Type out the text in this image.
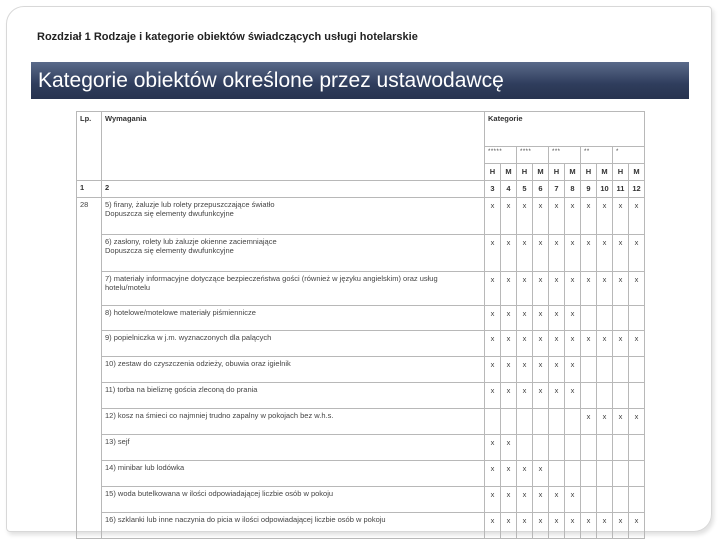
Rozdział 1 Rodzaje i kategorie obiektów świadczących usługi hotelarskie
Kategorie obiektów określone przez ustawodawcę
Lp.	Wymagania	Kategorie									
		*****		****		***		**		*	
		H	M	H	M	H	M	H	M	H	M
1	2	3	4	5	6	7	8	9	10	11	12
28	5) firany, żaluzje lub rolety przepuszczające światło
Dopuszcza się elementy dwufunkcyjne	x	x	x	x	x	x	x	x	x	x

	6) zasłony, rolety lub żaluzje okienne zaciemniające
Dopuszcza się elementy dwufunkcyjne	x	x	x	x	x	x	x	x	x	x

	7) materiały informacyjne dotyczące bezpieczeństwa gości (również w języku angielskim) oraz usług hotelu/motelu	x	x	x	x	x	x	x	x	x	x

	8) hotelowe/motelowe materiały piśmiennicze	x	x	x	x	x	x				

	9) popielniczka w j.m. wyznaczonych dla palących	x	x	x	x	x	x	x	x	x	x

	10) zestaw do czyszczenia odzieży, obuwia oraz igielnik	x	x	x	x	x	x				

	11) torba na bieliznę gościa zleconą do prania	x	x	x	x	x	x				

	12) kosz na śmieci co najmniej trudno zapalny w pokojach bez w.h.s.							x	x	x	x

	13) sejf	x	x								

	14) minibar lub lodówka	x	x	x	x						

	15) woda butelkowana w ilości odpowiadającej liczbie osób w pokoju	x	x	x	x	x	x				

	16) szklanki lub inne naczynia do picia w ilości odpowiadającej liczbie osób w pokoju	x	x	x	x	x	x	x	x	x	x
